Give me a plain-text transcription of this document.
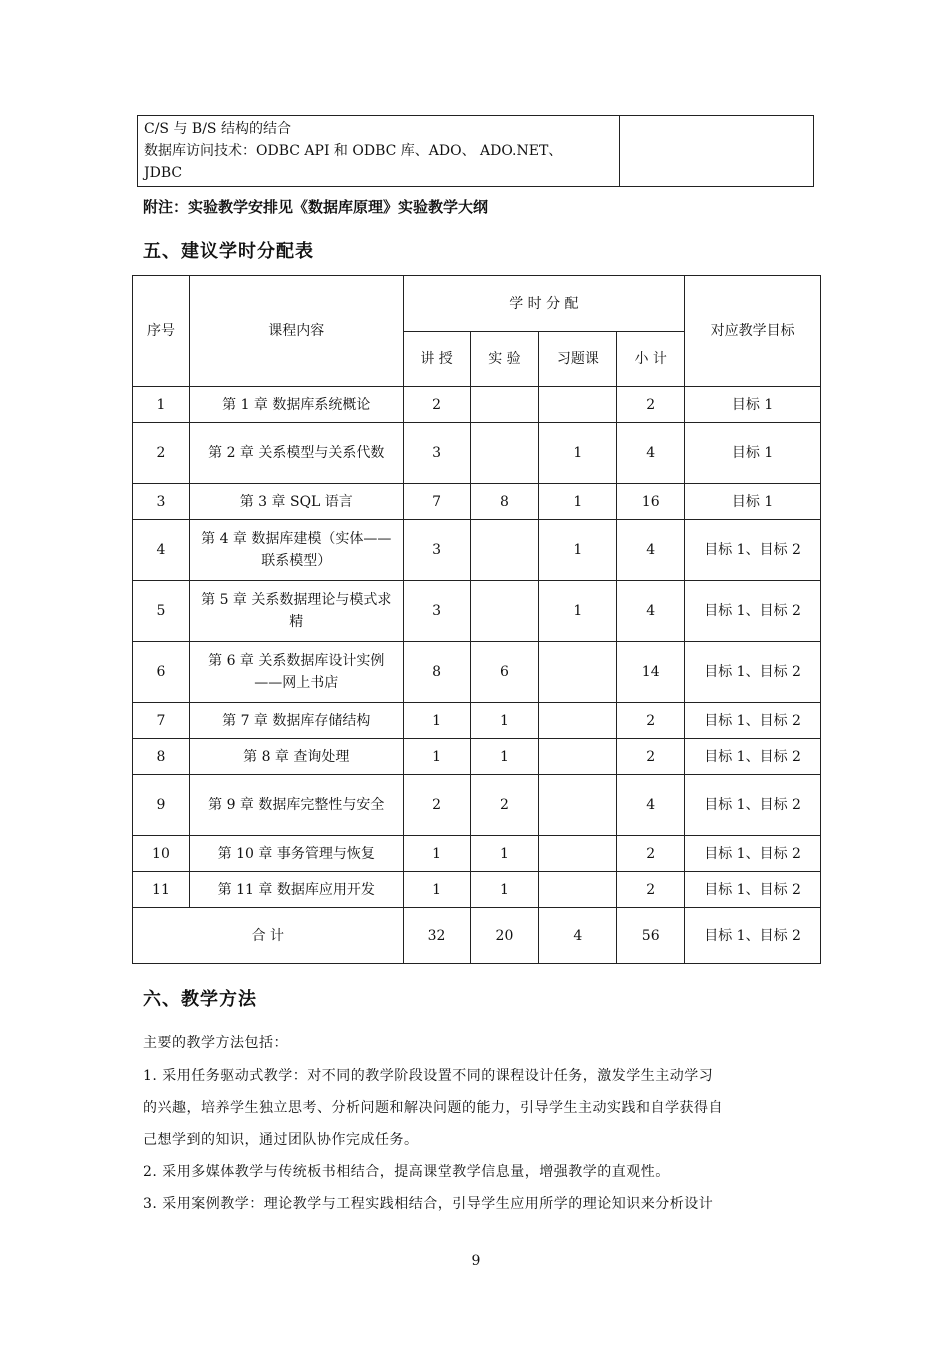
C/S 与 B/S 结构的结合
数据库访问技术：ODBC API 和 ODBC 库、ADO、 ADO.NET、
JDBC

附注：实验教学安排见《数据库原理》实验教学大纲
五、建议学时分配表
序号	课程内容	学 时 分 配				对应教学目标
		讲 授	实 验	习题课	小 计	
1	第 1 章 数据库系统概论	2			2	目标 1
2	第 2 章 关系模型与关系代数	3		1	4	目标 1
3	第 3 章 SQL 语言	7	8	1	16	目标 1
4	第 4 章 数据库建模（实体——联系模型）	3		1	4	目标 1、目标 2
5	第 5 章 关系数据理论与模式求精	3		1	4	目标 1、目标 2
6	第 6 章 关系数据库设计实例——网上书店	8	6		14	目标 1、目标 2
7	第 7 章 数据库存储结构	1	1		2	目标 1、目标 2
8	第 8 章 查询处理	1	1		2	目标 1、目标 2
9	第 9 章 数据库完整性与安全	2	2		4	目标 1、目标 2
10	第 10 章 事务管理与恢复	1	1		2	目标 1、目标 2
11	第 11 章 数据库应用开发	1	1		2	目标 1、目标 2
合 计		32	20	4	56	目标 1、目标 2
六、教学方法
主要的教学方法包括：
1. 采用任务驱动式教学：对不同的教学阶段设置不同的课程设计任务，激发学生主动学习
的兴趣，培养学生独立思考、分析问题和解决问题的能力，引导学生主动实践和自学获得自
己想学到的知识，通过团队协作完成任务。
2. 采用多媒体教学与传统板书相结合，提高课堂教学信息量，增强教学的直观性。
3. 采用案例教学：理论教学与工程实践相结合，引导学生应用所学的理论知识来分析设计
9
